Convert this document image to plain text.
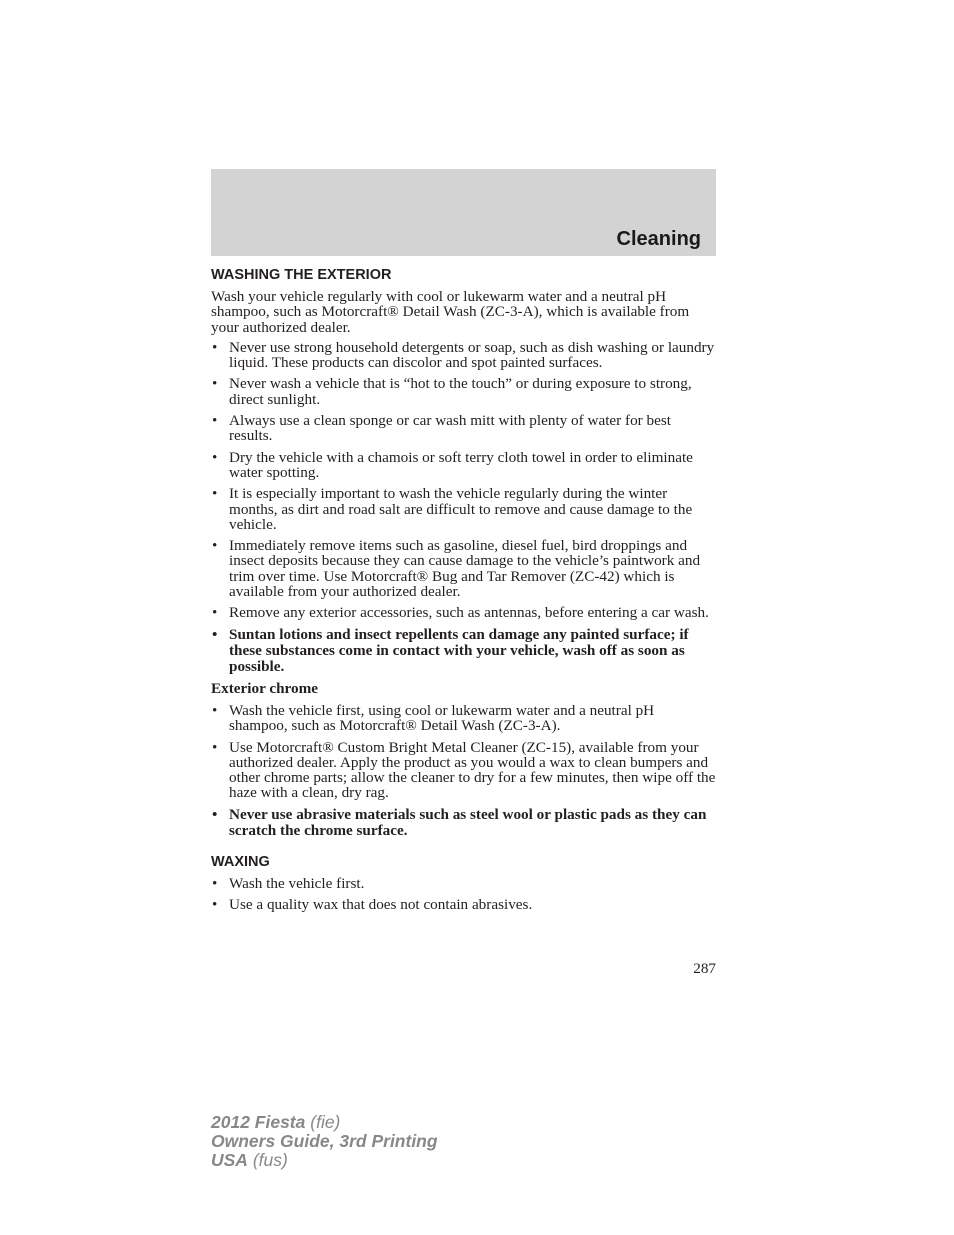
Cleaning
WASHING THE EXTERIOR
Wash your vehicle regularly with cool or lukewarm water and a neutral pH shampoo, such as Motorcraft® Detail Wash (ZC-3-A), which is available from your authorized dealer.
• Never use strong household detergents or soap, such as dish washing or laundry liquid. These products can discolor and spot painted surfaces.
• Never wash a vehicle that is “hot to the touch” or during exposure to strong, direct sunlight.
• Always use a clean sponge or car wash mitt with plenty of water for best results.
• Dry the vehicle with a chamois or soft terry cloth towel in order to eliminate water spotting.
• It is especially important to wash the vehicle regularly during the winter months, as dirt and road salt are difficult to remove and cause damage to the vehicle.
• Immediately remove items such as gasoline, diesel fuel, bird droppings and insect deposits because they can cause damage to the vehicle’s paintwork and trim over time. Use Motorcraft® Bug and Tar Remover (ZC-42) which is available from your authorized dealer.
• Remove any exterior accessories, such as antennas, before entering a car wash.
• Suntan lotions and insect repellents can damage any painted surface; if these substances come in contact with your vehicle, wash off as soon as possible.
Exterior chrome
• Wash the vehicle first, using cool or lukewarm water and a neutral pH shampoo, such as Motorcraft® Detail Wash (ZC-3-A).
• Use Motorcraft® Custom Bright Metal Cleaner (ZC-15), available from your authorized dealer. Apply the product as you would a wax to clean bumpers and other chrome parts; allow the cleaner to dry for a few minutes, then wipe off the haze with a clean, dry rag.
• Never use abrasive materials such as steel wool or plastic pads as they can scratch the chrome surface.
WAXING
• Wash the vehicle first.
• Use a quality wax that does not contain abrasives.
287
2012 Fiesta (fie)
Owners Guide, 3rd Printing
USA (fus)
